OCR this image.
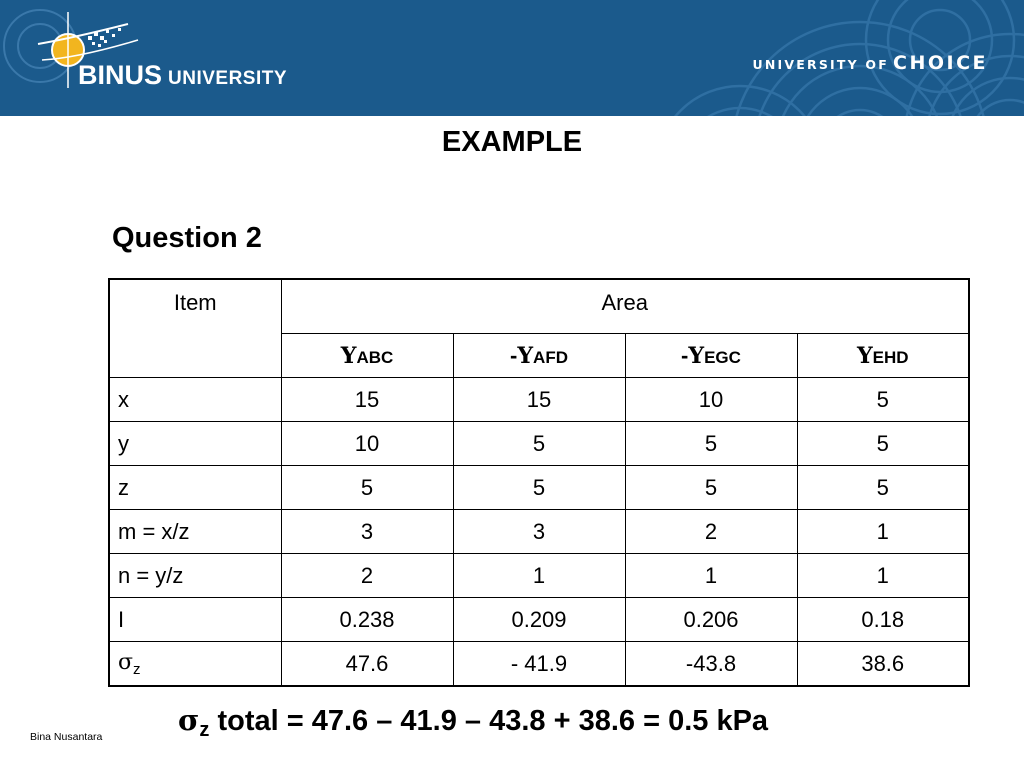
BINUS UNIVERSITY
UNIVERSITY OF CHOICE
EXAMPLE
Question 2
Item	Area			
	YABC	-YAFD	-YEGC	YEHD
x	15	15	10	5
y	10	5	5	5
z	5	5	5	5
m = x/z	3	3	2	1
n = y/z	2	1	1	1
I	0.238	0.209	0.206	0.18
$\sigma_z$	47.6	- 41.9	-43.8	38.6
Bina Nusantara	$\sigma_z$ total = 47.6 – 41.9 – 43.8 + 38.6 = 0.5 kPa
